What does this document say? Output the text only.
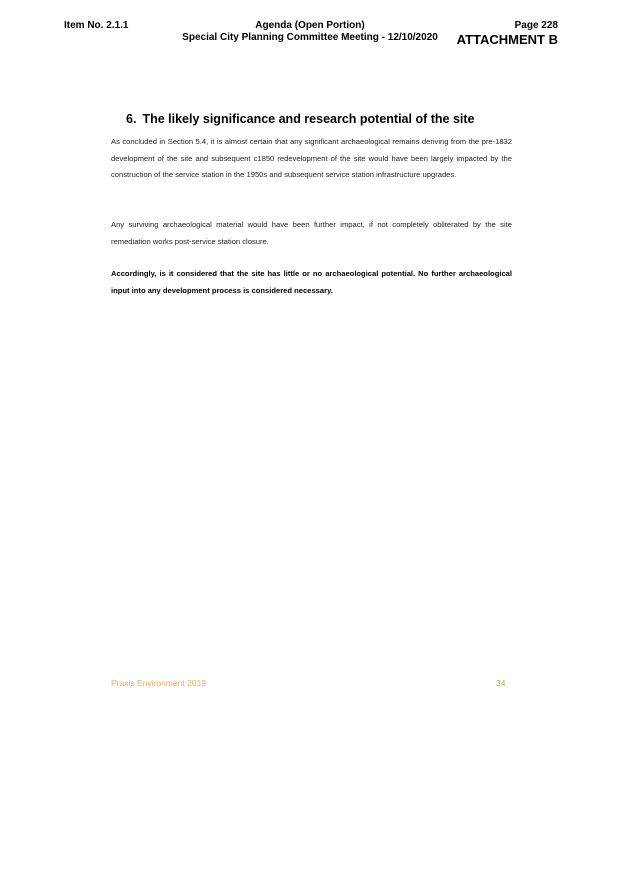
Item No. 2.1.1	Agenda (Open Portion)
Special City Planning Committee Meeting - 12/10/2020
Page 228
ATTACHMENT B
6. The likely significance and research potential of the site
As concluded in Section 5.4, it is almost certain that any significant archaeological remains deriving from the pre-1832 development of the site and subsequent c1850 redevelopment of the site would have been largely impacted by the construction of the service station in the 1950s and subsequent service station infrastructure upgrades.
Any surviving archaeological material would have been further impact, if not completely obliterated by the site remediation works post-service station closure.
Accordingly, is it considered that the site has little or no archaeological potential. No further archaeological input into any development process is considered necessary.
Praxis Environment 2019	34
